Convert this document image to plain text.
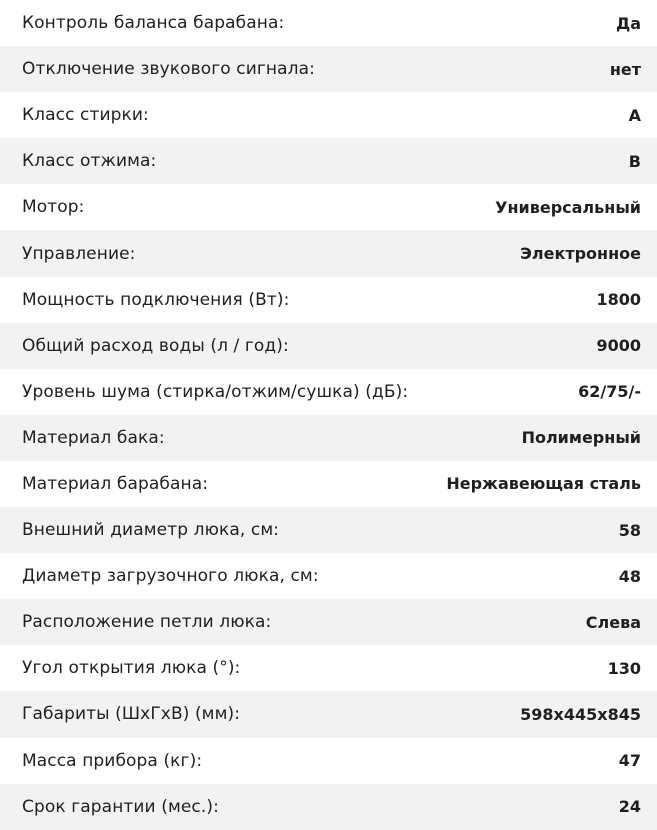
Контроль баланса барабана:	Да
Отключение звукового сигнала:	нет
Класс стирки:	A
Класс отжима:	B
Мотор:	Универсальный
Управление:	Электронное
Мощность подключения (Вт):	1800
Общий расход воды (л / год):	9000
Уровень шума (стирка/отжим/сушка) (дБ):	62/75/-
Материал бака:	Полимерный
Материал барабана:	Нержавеющая сталь
Внешний диаметр люка, см:	58
Диаметр загрузочного люка, см:	48
Расположение петли люка:	Слева
Угол открытия люка (°):	130
Габариты (ШхГхВ) (мм):	598x445x845
Масса прибора (кг):	47
Срок гарантии (мес.):	24
